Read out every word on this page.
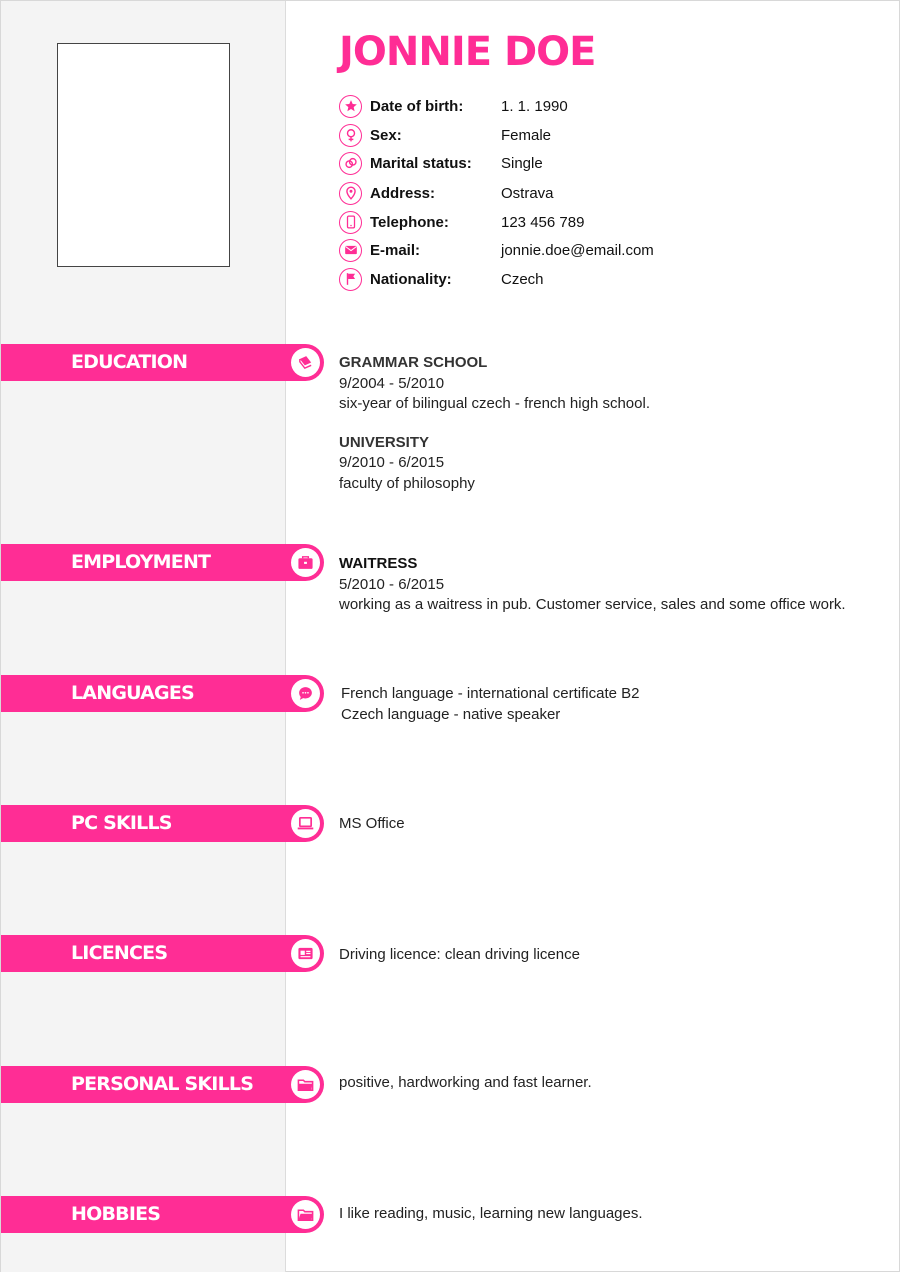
JONNIE DOE
Date of birth:	1. 1. 1990
Sex:	Female
Marital status: Single
Address:	Ostrava
Telephone:	123 456 789
E-mail:	jonnie.doe@email.com
Nationality:	Czech
EDUCATION	GRAMMAR SCHOOL

9/2004 - 5/2010

six-year of bilingual czech - french high school.

UNIVERSITY

9/2010 - 6/2015

faculty of philosophy

EMPLOYMENT	WAITRESS

5/2010 - 6/2015

working as a waitress in pub. Customer service, sales and some office work.

LANGUAGES	French language - international certificate B2

Czech language - native speaker

PC SKILLS	MS Office

LICENCES	Driving licence: clean driving licence

PERSONAL SKILLS	positive, hardworking and fast learner.

HOBBIES	I like reading, music, learning new languages.
